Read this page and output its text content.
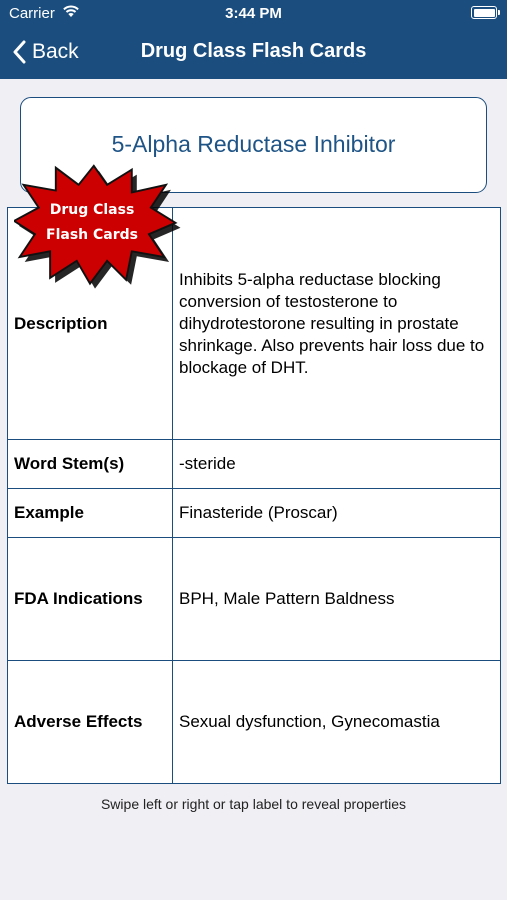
Carrier	3:44 PM
Back	Drug Class Flash Cards
5-Alpha Reductase Inhibitor
Description	Inhibits 5-alpha reductase blocking conversion of testosterone to dihydrotestorone resulting in prostate shrinkage. Also prevents hair loss due to blockage of DHT.
Word Stem(s)	-steride
Example	Finasteride (Proscar)
FDA Indications	BPH, Male Pattern Baldness
Adverse Effects	Sexual dysfunction, Gynecomastia
Drug Class
Flash Cards
Swipe left or right or tap label to reveal properties
